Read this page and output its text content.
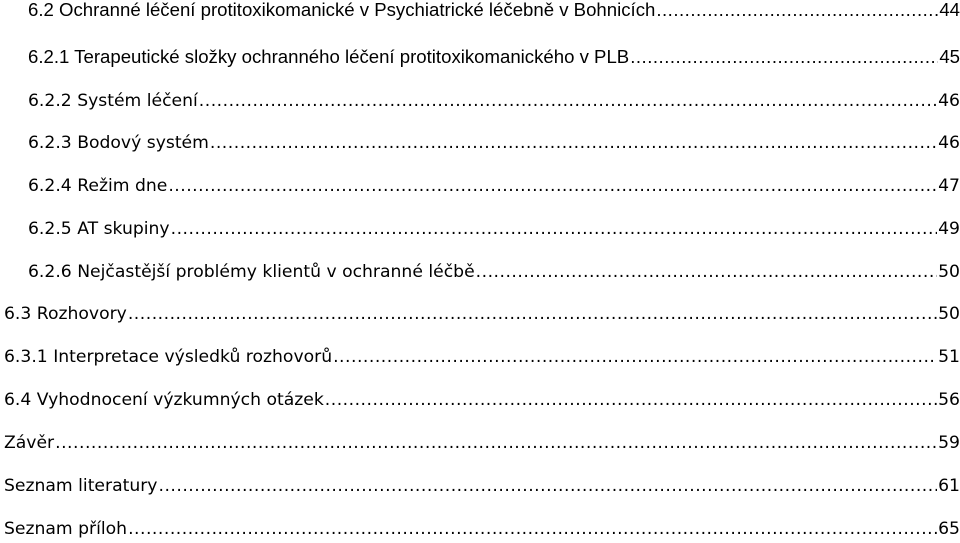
6.2 Ochranné léčení protitoxikomanické v Psychiatrické léčebně v Bohnicích .....	44
6.2.1 Terapeutické složky ochranného léčení protitoxikomanického v PLB .....	45
6.2.2 Systém léčení .....	46
6.2.3 Bodový systém .....	46
6.2.4 Režim dne .....	47
6.2.5 AT skupiny .....	49
6.2.6 Nejčastější problémy klientů v ochranné léčbě .....	50
6.3 Rozhovory .....	50
6.3.1 Interpretace výsledků rozhovorů .....	51
6.4 Vyhodnocení výzkumných otázek .....	56
Závěr .....	59
Seznam literatury .....	61
Seznam příloh .....	65
